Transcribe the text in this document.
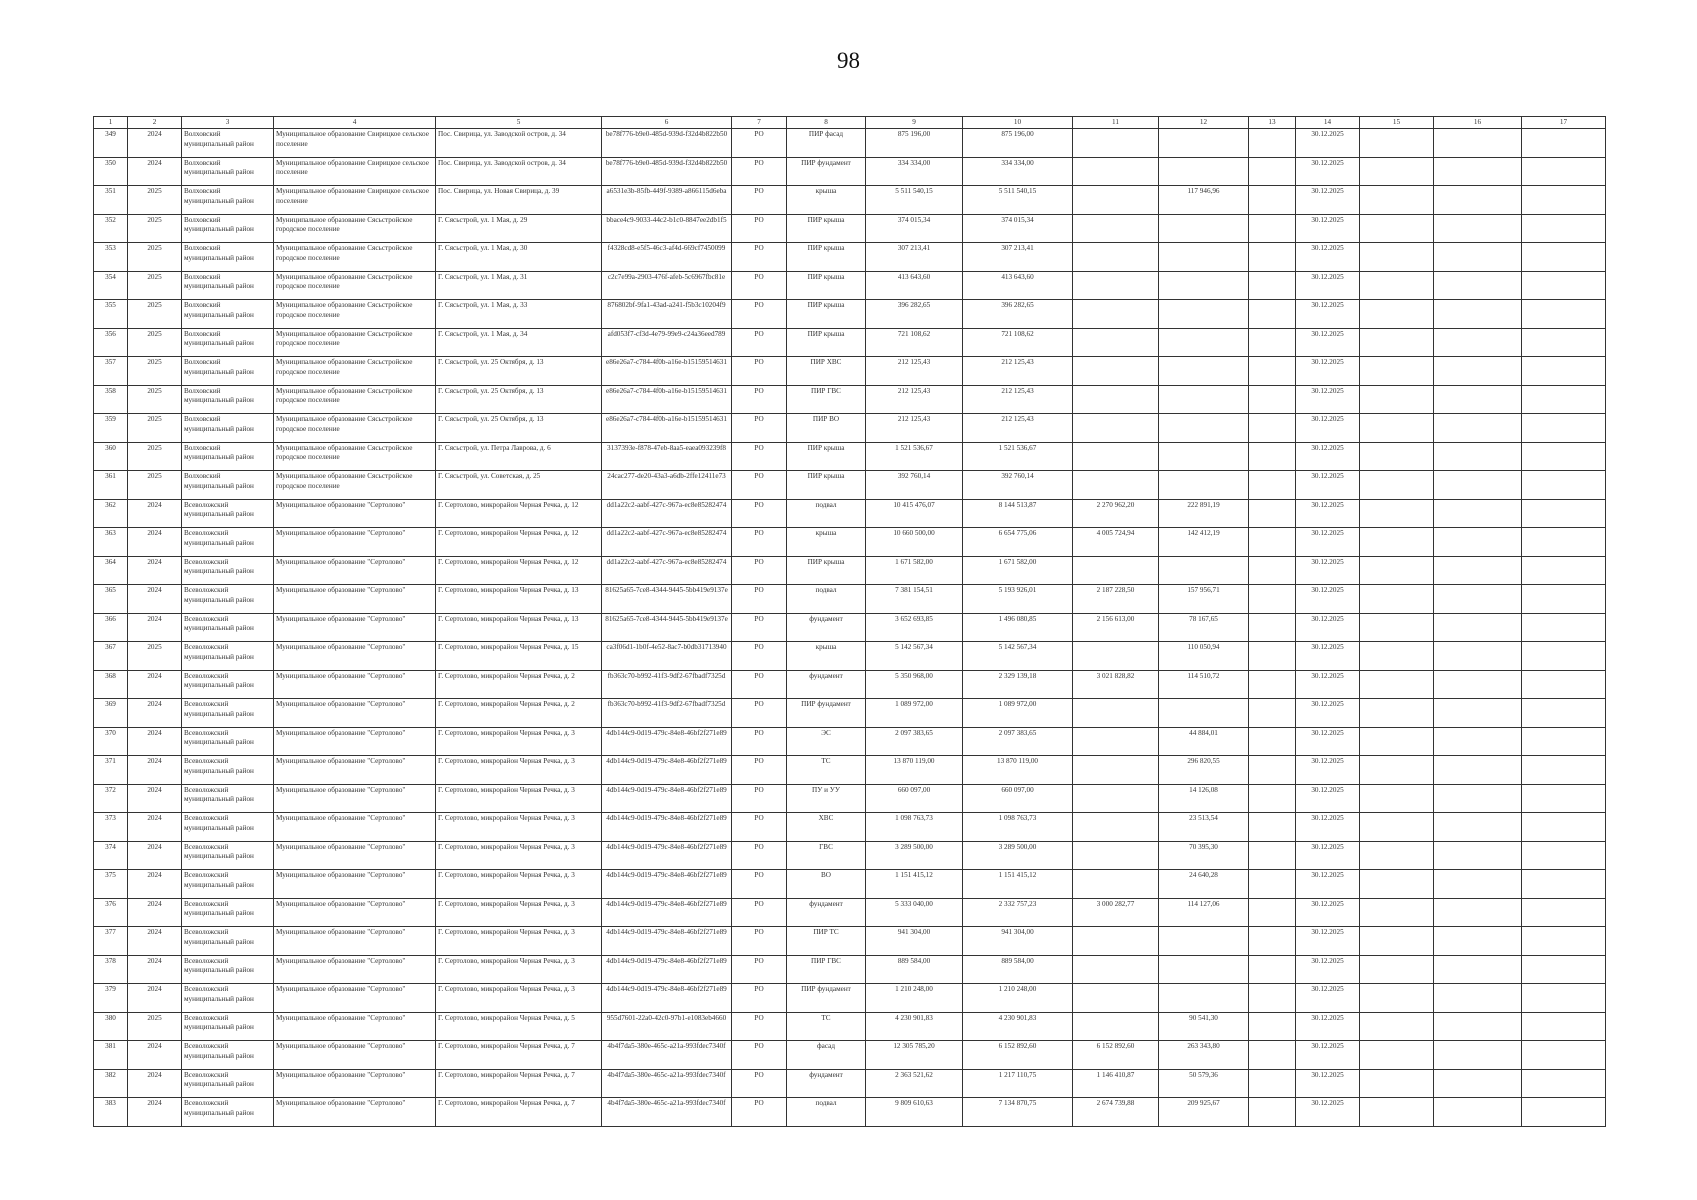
98
1	2	3	4	5	6	7	8	9	10	11	12	13	14	15	16	17
349	2024	Волховский муниципальный район	Муниципальное образование Свирицкое сельское поселение	Пос. Свирица, ул. Заводской остров, д. 34	be78f776-b9e0-485d-939d-f32d4b822b50	РО	ПИР фасад	875 196,00	875 196,00				30.12.2025			
350	2024	Волховский муниципальный район	Муниципальное образование Свирицкое сельское поселение	Пос. Свирица, ул. Заводской остров, д. 34	be78f776-b9e0-485d-939d-f32d4b822b50	РО	ПИР фундамент	334 334,00	334 334,00				30.12.2025			
351	2025	Волховский муниципальный район	Муниципальное образование Свирицкое сельское поселение	Пос. Свирица, ул. Новая Свирица, д. 39	a6531e3b-85fb-449f-9389-a866115d6eba	РО	крыша	5 511 540,15	5 511 540,15		117 946,96		30.12.2025			
352	2025	Волховский муниципальный район	Муниципальное образование Сясьстройское городское поселение	Г. Сясьстрой, ул. 1 Мая, д. 29	bbace4c9-9033-44c2-b1c0-8847ee2db1f5	РО	ПИР крыша	374 015,34	374 015,34				30.12.2025			
353	2025	Волховский муниципальный район	Муниципальное образование Сясьстройское городское поселение	Г. Сясьстрой, ул. 1 Мая, д. 30	f4328cd8-e5f5-46c3-af4d-669cf7450099	РО	ПИР крыша	307 213,41	307 213,41				30.12.2025			
354	2025	Волховский муниципальный район	Муниципальное образование Сясьстройское городское поселение	Г. Сясьстрой, ул. 1 Мая, д. 31	c2c7e99a-2903-476f-afeb-5c6967fbc81e	РО	ПИР крыша	413 643,60	413 643,60				30.12.2025			
355	2025	Волховский муниципальный район	Муниципальное образование Сясьстройское городское поселение	Г. Сясьстрой, ул. 1 Мая, д. 33	876802bf-9fa1-43ad-a241-f5b3c10204f9	РО	ПИР крыша	396 282,65	396 282,65				30.12.2025			
356	2025	Волховский муниципальный район	Муниципальное образование Сясьстройское городское поселение	Г. Сясьстрой, ул. 1 Мая, д. 34	afd053f7-cf3d-4e79-99e9-c24a36eed789	РО	ПИР крыша	721 108,62	721 108,62				30.12.2025			
357	2025	Волховский муниципальный район	Муниципальное образование Сясьстройское городское поселение	Г. Сясьстрой, ул. 25 Октября, д. 13	e86e26a7-c784-4f0b-a16e-b15159514631	РО	ПИР ХВС	212 125,43	212 125,43				30.12.2025			
358	2025	Волховский муниципальный район	Муниципальное образование Сясьстройское городское поселение	Г. Сясьстрой, ул. 25 Октября, д. 13	e86e26a7-c784-4f0b-a16e-b15159514631	РО	ПИР ГВС	212 125,43	212 125,43				30.12.2025			
359	2025	Волховский муниципальный район	Муниципальное образование Сясьстройское городское поселение	Г. Сясьстрой, ул. 25 Октября, д. 13	e86e26a7-c784-4f0b-a16e-b15159514631	РО	ПИР ВО	212 125,43	212 125,43				30.12.2025			
360	2025	Волховский муниципальный район	Муниципальное образование Сясьстройское городское поселение	Г. Сясьстрой, ул. Петра Лаврова, д. 6	3137393e-f878-47eb-8aa5-eaea093239f8	РО	ПИР крыша	1 521 536,67	1 521 536,67				30.12.2025			
361	2025	Волховский муниципальный район	Муниципальное образование Сясьстройское городское поселение	Г. Сясьстрой, ул. Советская, д. 25	24cac277-de20-43a3-a6db-2ffe12411e73	РО	ПИР крыша	392 760,14	392 760,14				30.12.2025			
362	2024	Всеволожский муниципальный район	Муниципальное образование "Сертолово"	Г. Сертолово, микрорайон Черная Речка, д. 12	dd1a22c2-aabf-427c-967a-ec8e85282474	РО	подвал	10 415 476,07	8 144 513,87	2 270 962,20	222 891,19		30.12.2025			
363	2024	Всеволожский муниципальный район	Муниципальное образование "Сертолово"	Г. Сертолово, микрорайон Черная Речка, д. 12	dd1a22c2-aabf-427c-967a-ec8e85282474	РО	крыша	10 660 500,00	6 654 775,06	4 005 724,94	142 412,19		30.12.2025			
364	2024	Всеволожский муниципальный район	Муниципальное образование "Сертолово"	Г. Сертолово, микрорайон Черная Речка, д. 12	dd1a22c2-aabf-427c-967a-ec8e85282474	РО	ПИР крыша	1 671 582,00	1 671 582,00				30.12.2025			
365	2024	Всеволожский муниципальный район	Муниципальное образование "Сертолово"	Г. Сертолово, микрорайон Черная Речка, д. 13	81625a65-7ce8-4344-9445-5bb419e9137e	РО	подвал	7 381 154,51	5 193 926,01	2 187 228,50	157 956,71		30.12.2025			
366	2024	Всеволожский муниципальный район	Муниципальное образование "Сертолово"	Г. Сертолово, микрорайон Черная Речка, д. 13	81625a65-7ce8-4344-9445-5bb419e9137e	РО	фундамент	3 652 693,85	1 496 080,85	2 156 613,00	78 167,65		30.12.2025			
367	2025	Всеволожский муниципальный район	Муниципальное образование "Сертолово"	Г. Сертолово, микрорайон Черная Речка, д. 15	ca3f06d1-1b0f-4e52-8ac7-b0db31713940	РО	крыша	5 142 567,34	5 142 567,34		110 050,94		30.12.2025			
368	2024	Всеволожский муниципальный район	Муниципальное образование "Сертолово"	Г. Сертолово, микрорайон Черная Речка, д. 2	fb363c70-b992-41f3-9df2-67fbadf7325d	РО	фундамент	5 350 968,00	2 329 139,18	3 021 828,82	114 510,72		30.12.2025			
369	2024	Всеволожский муниципальный район	Муниципальное образование "Сертолово"	Г. Сертолово, микрорайон Черная Речка, д. 2	fb363c70-b992-41f3-9df2-67fbadf7325d	РО	ПИР фундамент	1 089 972,00	1 089 972,00				30.12.2025			
370	2024	Всеволожский муниципальный район	Муниципальное образование "Сертолово"	Г. Сертолово, микрорайон Черная Речка, д. 3	4db144c9-0d19-479c-84e8-46bf2f271e89	РО	ЭС	2 097 383,65	2 097 383,65		44 884,01		30.12.2025			
371	2024	Всеволожский муниципальный район	Муниципальное образование "Сертолово"	Г. Сертолово, микрорайон Черная Речка, д. 3	4db144c9-0d19-479c-84e8-46bf2f271e89	РО	ТС	13 870 119,00	13 870 119,00		296 820,55		30.12.2025			
372	2024	Всеволожский муниципальный район	Муниципальное образование "Сертолово"	Г. Сертолово, микрорайон Черная Речка, д. 3	4db144c9-0d19-479c-84e8-46bf2f271e89	РО	ПУ и УУ	660 097,00	660 097,00		14 126,08		30.12.2025			
373	2024	Всеволожский муниципальный район	Муниципальное образование "Сертолово"	Г. Сертолово, микрорайон Черная Речка, д. 3	4db144c9-0d19-479c-84e8-46bf2f271e89	РО	ХВС	1 098 763,73	1 098 763,73		23 513,54		30.12.2025			
374	2024	Всеволожский муниципальный район	Муниципальное образование "Сертолово"	Г. Сертолово, микрорайон Черная Речка, д. 3	4db144c9-0d19-479c-84e8-46bf2f271e89	РО	ГВС	3 289 500,00	3 289 500,00		70 395,30		30.12.2025			
375	2024	Всеволожский муниципальный район	Муниципальное образование "Сертолово"	Г. Сертолово, микрорайон Черная Речка, д. 3	4db144c9-0d19-479c-84e8-46bf2f271e89	РО	ВО	1 151 415,12	1 151 415,12		24 640,28		30.12.2025			
376	2024	Всеволожский муниципальный район	Муниципальное образование "Сертолово"	Г. Сертолово, микрорайон Черная Речка, д. 3	4db144c9-0d19-479c-84e8-46bf2f271e89	РО	фундамент	5 333 040,00	2 332 757,23	3 000 282,77	114 127,06		30.12.2025			
377	2024	Всеволожский муниципальный район	Муниципальное образование "Сертолово"	Г. Сертолово, микрорайон Черная Речка, д. 3	4db144c9-0d19-479c-84e8-46bf2f271e89	РО	ПИР ТС	941 304,00	941 304,00				30.12.2025			
378	2024	Всеволожский муниципальный район	Муниципальное образование "Сертолово"	Г. Сертолово, микрорайон Черная Речка, д. 3	4db144c9-0d19-479c-84e8-46bf2f271e89	РО	ПИР ГВС	889 584,00	889 584,00				30.12.2025			
379	2024	Всеволожский муниципальный район	Муниципальное образование "Сертолово"	Г. Сертолово, микрорайон Черная Речка, д. 3	4db144c9-0d19-479c-84e8-46bf2f271e89	РО	ПИР фундамент	1 210 248,00	1 210 248,00				30.12.2025			
380	2025	Всеволожский муниципальный район	Муниципальное образование "Сертолово"	Г. Сертолово, микрорайон Черная Речка, д. 5	955d7601-22a0-42c0-97b1-e1083eb4660	РО	ТС	4 230 901,83	4 230 901,83		90 541,30		30.12.2025			
381	2024	Всеволожский муниципальный район	Муниципальное образование "Сертолово"	Г. Сертолово, микрорайон Черная Речка, д. 7	4b4f7da5-380e-465c-a21a-993fdec7340f	РО	фасад	12 305 785,20	6 152 892,60	6 152 892,60	263 343,80		30.12.2025			
382	2024	Всеволожский муниципальный район	Муниципальное образование "Сертолово"	Г. Сертолово, микрорайон Черная Речка, д. 7	4b4f7da5-380e-465c-a21a-993fdec7340f	РО	фундамент	2 363 521,62	1 217 110,75	1 146 410,87	50 579,36		30.12.2025			
383	2024	Всеволожский муниципальный район	Муниципальное образование "Сертолово"	Г. Сертолово, микрорайон Черная Речка, д. 7	4b4f7da5-380e-465c-a21a-993fdec7340f	РО	подвал	9 809 610,63	7 134 870,75	2 674 739,88	209 925,67		30.12.2025			
